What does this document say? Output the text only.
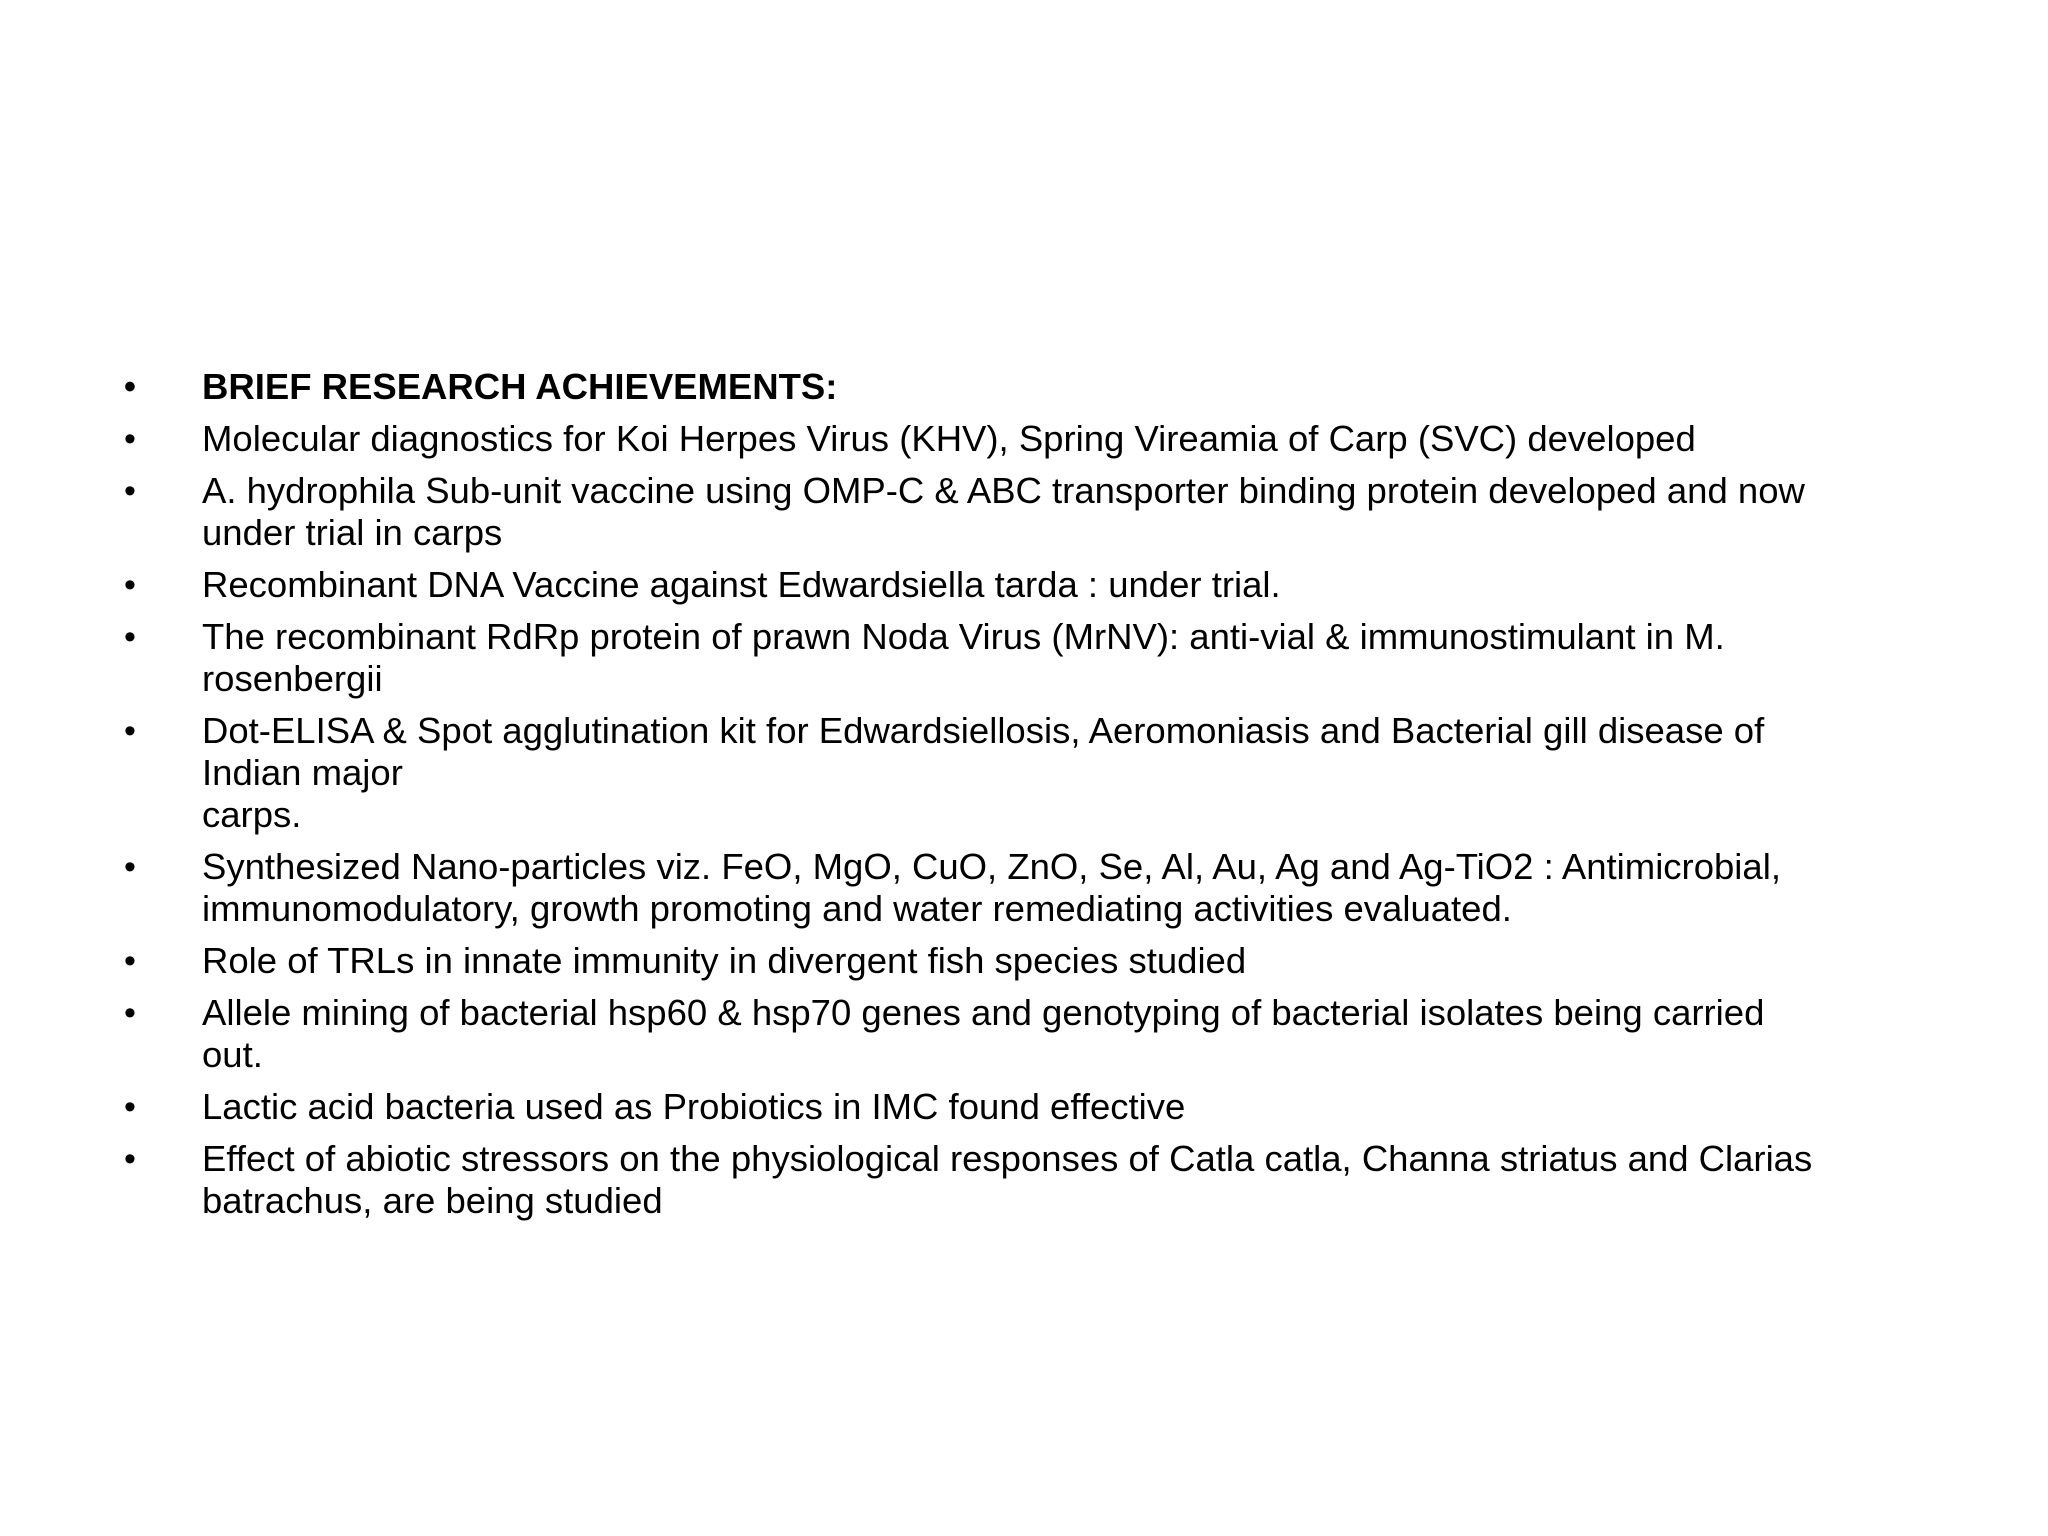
• BRIEF RESEARCH ACHIEVEMENTS:
• Molecular diagnostics for Koi Herpes Virus (KHV), Spring Vireamia of Carp (SVC) developed
• A. hydrophila Sub-unit vaccine using OMP-C & ABC transporter binding protein developed and now
under trial in carps
• Recombinant DNA Vaccine against Edwardsiella tarda : under trial.
• The recombinant RdRp protein of prawn Noda Virus (MrNV): anti-vial & immunostimulant in M.
rosenbergii
• Dot-ELISA & Spot agglutination kit for Edwardsiellosis, Aeromoniasis and Bacterial gill disease of
Indian major
carps.
• Synthesized Nano-particles viz. FeO, MgO, CuO, ZnO, Se, Al, Au, Ag and Ag-TiO2 : Antimicrobial,
immunomodulatory, growth promoting and water remediating activities evaluated.
• Role of TRLs in innate immunity in divergent fish species studied
• Allele mining of bacterial hsp60 & hsp70 genes and genotyping of bacterial isolates being carried
out.
• Lactic acid bacteria used as Probiotics in IMC found effective
• Effect of abiotic stressors on the physiological responses of Catla catla, Channa striatus and Clarias
batrachus, are being studied
